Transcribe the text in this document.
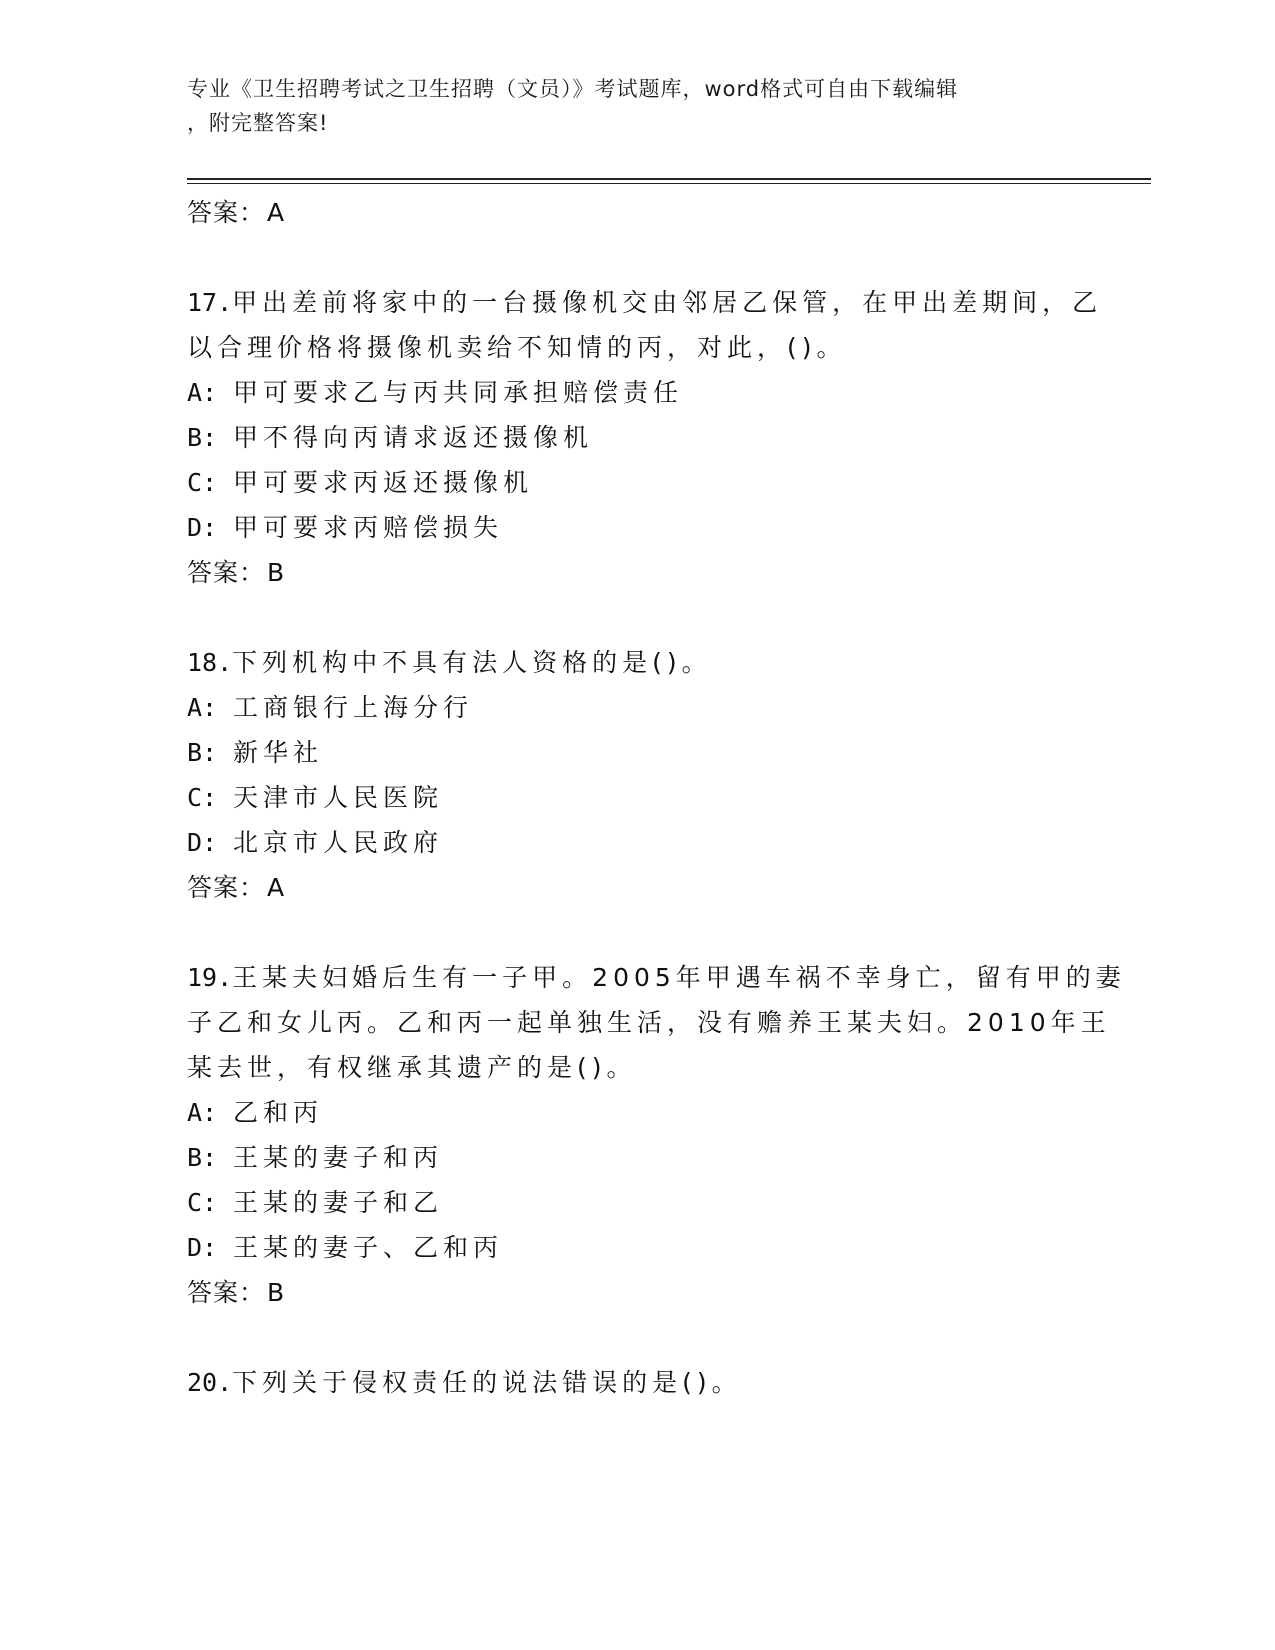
专业《卫生招聘考试之卫生招聘（文员）》考试题库，word格式可自由下载编辑
，附完整答案!
答案：A
17.甲出差前将家中的一台摄像机交由邻居乙保管，在甲出差期间，乙
以合理价格将摄像机卖给不知情的丙，对此，()。
A: 甲可要求乙与丙共同承担赔偿责任
B: 甲不得向丙请求返还摄像机
C: 甲可要求丙返还摄像机
D: 甲可要求丙赔偿损失
答案：B
18.下列机构中不具有法人资格的是()。
A: 工商银行上海分行
B: 新华社
C: 天津市人民医院
D: 北京市人民政府
答案：A
19.王某夫妇婚后生有一子甲。2005年甲遇车祸不幸身亡，留有甲的妻
子乙和女儿丙。乙和丙一起单独生活，没有赡养王某夫妇。2010年王
某去世，有权继承其遗产的是()。
A: 乙和丙
B: 王某的妻子和丙
C: 王某的妻子和乙
D: 王某的妻子、乙和丙
答案：B
20.下列关于侵权责任的说法错误的是()。
